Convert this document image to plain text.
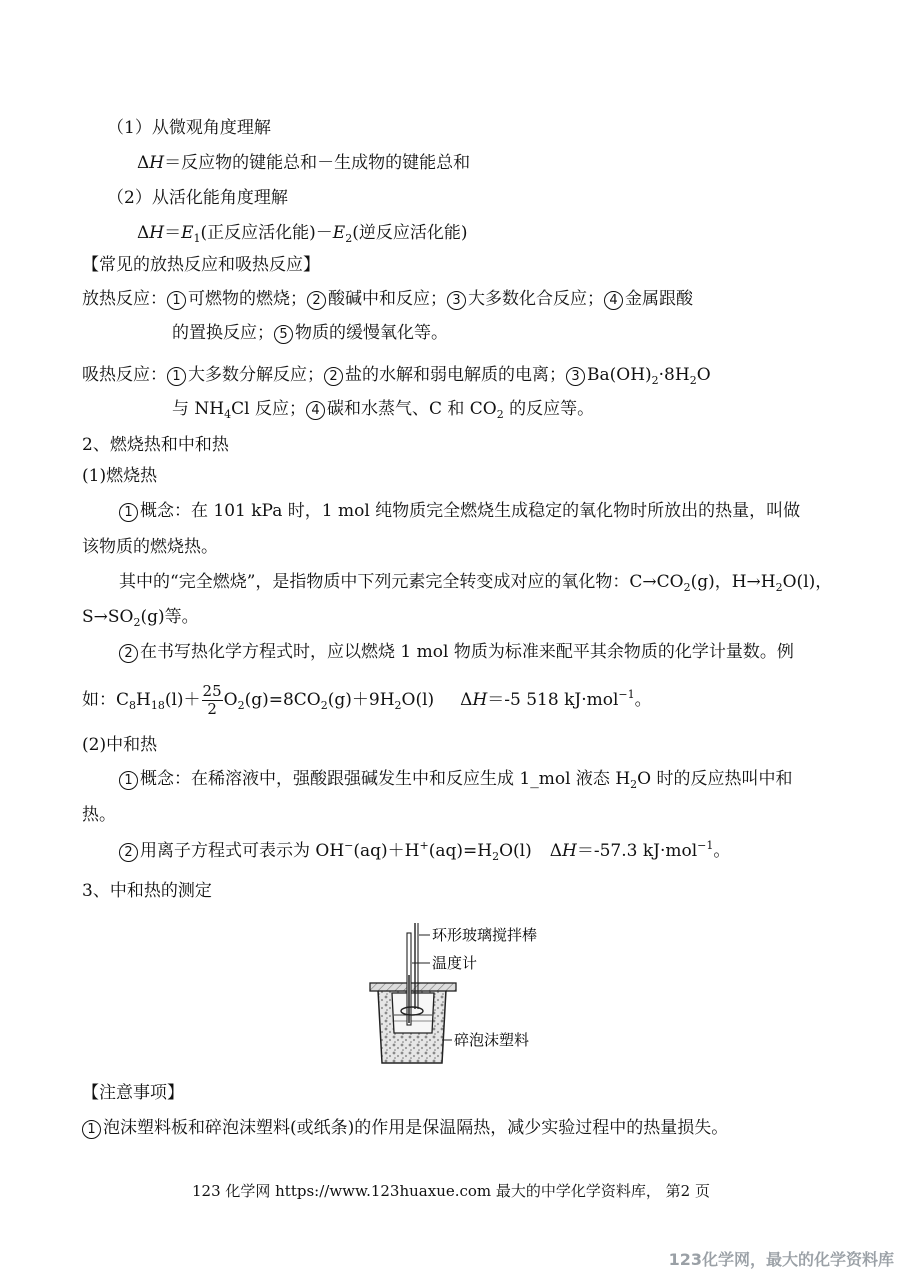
（1）从微观角度理解
ΔH＝反应物的键能总和－生成物的键能总和
（2）从活化能角度理解
$\Delta H=E_1$(正反应活化能)$-E_2$(逆反应活化能)
【常见的放热反应和吸热反应】
放热反应： 1 可燃物的燃烧； 2 酸碱中和反应； 3 大多数化合反应； 4 金属跟酸
的置换反应； 5 物质的缓慢氧化等。
吸热反应： 1 大多数分解反应； 2 盐的水解和弱电解质的电离； 3 $Ba(OH)_2\cdot 8H_2O$
与 $NH_4Cl$ 反应； 4 碳和水蒸气、C 和 $CO_2$ 的反应等。
2、燃烧热和中和热
(1)燃烧热
1 概念：在 101 kPa 时，1 mol 纯物质完全燃烧生成稳定的氧化物时所放出的热量，叫做
该物质的燃烧热。
其中的“完全燃烧”，是指物质中下列元素完全转变成对应的氧化物：$C\to CO_2(g)$，$H\to H_2O(l)$，
$S\to SO_2(g)$等。
2 在书写热化学方程式时，应以燃烧 1 mol 物质为标准来配平其余物质的化学计量数。例
如：$C_8H_{18}(l)+ \frac{25}{2} O_2(g)=8CO_2(g)+9H_2O(l)$ ΔH＝-5 518 kJ·mol$^{-1}$。
(2)中和热
1 概念：在稀溶液中，强酸跟强碱发生中和反应生成 1_mol 液态 $H_2O$ 时的反应热叫中和
热。
2 用离子方程式可表示为 $OH^-(aq)+H^+(aq)=H_2O(l)$ ΔH＝-57.3 kJ·mol$^{-1}$。
3、中和热的测定
环形玻璃搅拌棒
温度计
碎泡沫塑料
【注意事项】
1 泡沫塑料板和碎泡沫塑料(或纸条)的作用是保温隔热，减少实验过程中的热量损失。
123 化学网 https://www.123huaxue.com 最大的中学化学资料库， 第2 页
123化学网，最大的化学资料库
